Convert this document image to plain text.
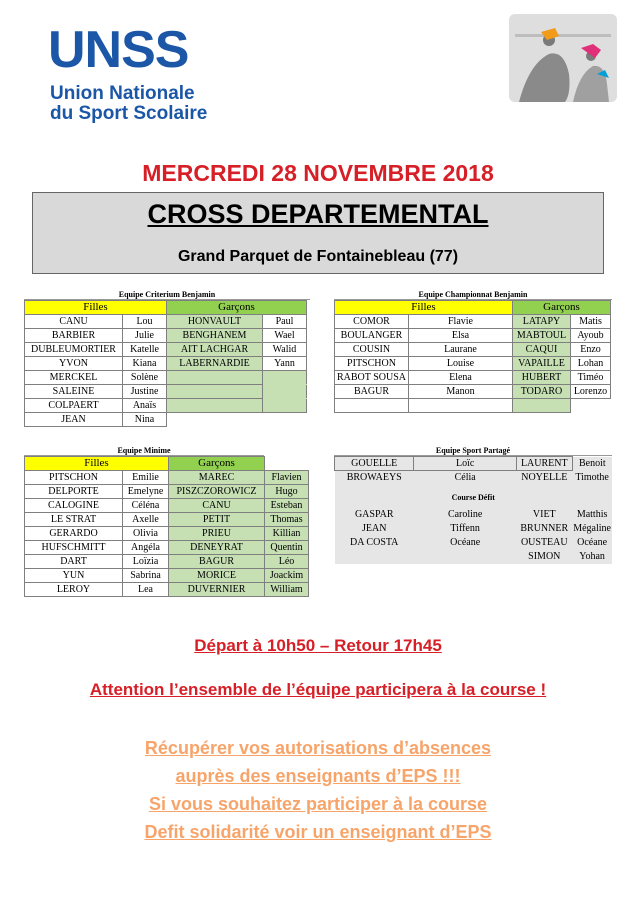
UNSS
Union Nationale
du Sport Scolaire
MERCREDI 28 NOVEMBRE 2018
CROSS DEPARTEMENTAL
Grand Parquet de Fontainebleau (77)
Equipe Criterium Benjamin
Filles		Garçons	
CANU	Lou	HONVAULT	Paul
BARBIER	Julie	BENGHANEM	Wael
DUBLEUMORTIER	Katelle	AIT LACHGAR	Walid
YVON	Kiana	LABERNARDIE	Yann
MERCKEL	Solène		
SALEINE	Justine		
COLPAERT	Anaïs		
JEAN	Nina		
Equipe Championnat Benjamin
Filles		Garçons	
COMOR	Flavie	LATAPY	Matis
BOULANGER	Elsa	MABTOUL	Ayoub
COUSIN	Laurane	CAQUI	Enzo
PITSCHON	Louise	VAPAILLE	Lohan
RABOT SOUSA	Elena	HUBERT	Timéo
BAGUR	Manon	TODARO	Lorenzo

Equipe Minime
Filles		Garçons	
PITSCHON	Emilie	MAREC	Flavien
DELPORTE	Emelyne	PISZCZOROWICZ	Hugo
CALOGINE	Céléna	CANU	Esteban
LE STRAT	Axelle	PETIT	Thomas
GERARDO	Olivia	PRIEU	Killian
HUFSCHMITT	Angéla	DENEYRAT	Quentin
DART	Loïzia	BAGUR	Léo
YUN	Sabrina	MORICE	Joackim
LEROY	Lea	DUVERNIER	William
Equipe Sport Partagé
GOUELLE	Loïc	LAURENT	Benoit
BROWAEYS	Célia	NOYELLE	Timothe

Course Défit			

GASPAR	Caroline	VIET	Matthis
JEAN	Tiffenn	BRUNNER	Mégaline
DA COSTA	Océane	OUSTEAU	Océane
		SIMON	Yohan
Départ à 10h50 – Retour 17h45
Attention l’ensemble de l’équipe participera à la course !
Récupérer vos autorisations d’absences
auprès des enseignants d’EPS !!!
Si vous souhaitez participer à la course
Defit solidarité voir un enseignant d’EPS
